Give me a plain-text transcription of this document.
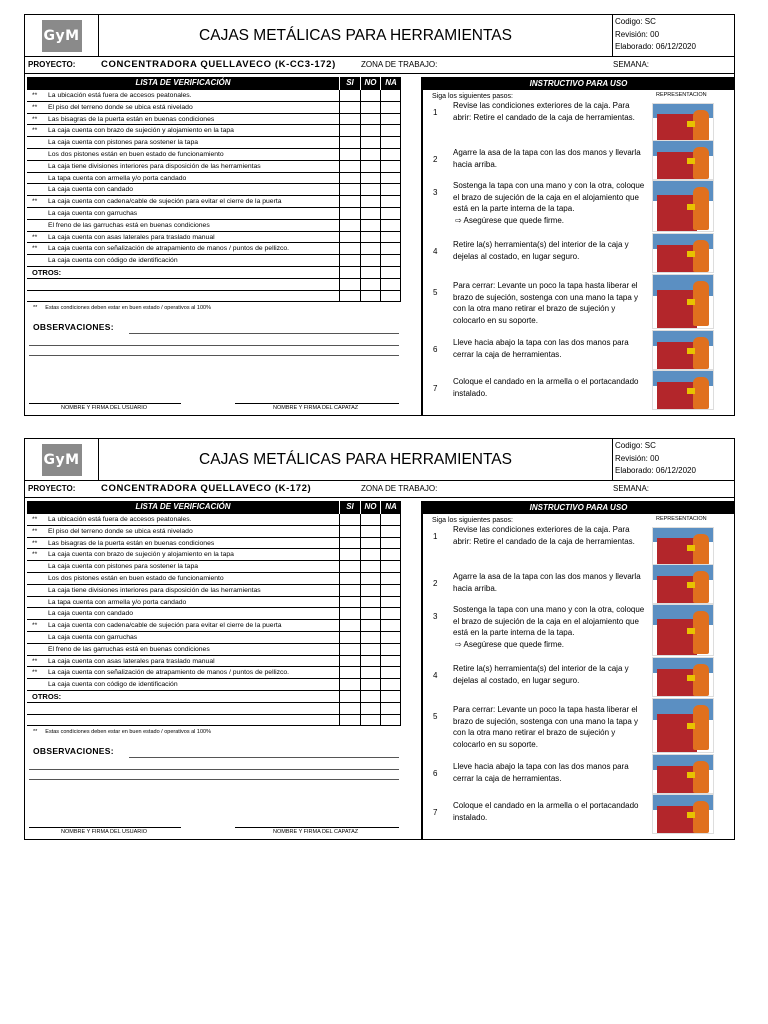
GyM	CAJAS METÁLICAS PARA HERRAMIENTAS
Codigo: SC
Revisión: 00
Elaborado: 06/12/2020
PROYECTO:	CONCENTRADORA QUELLAVECO (K-CC3-172)	ZONA DE TRABAJO:	SEMANA:
LISTA DE VERIFICACIÓN	SI	NO	NA
** La ubicación está fuera de accesos peatonales.
** El piso del terreno donde se ubica está nivelado
** Las bisagras de la puerta están en buenas condiciones
** La caja cuenta con brazo de sujeción y alojamiento en la tapa
La caja cuenta con pistones para sostener la tapa
Los dos pistones están en buen estado de funcionamiento
La caja tiene divisiones interiores para disposición de las herramientas
La tapa cuenta con armella y/o porta candado
La caja cuenta con candado
** La caja cuenta con cadena/cable de sujeción para evitar el cierre de la puerta
La caja cuenta con garruchas
El freno de las garruchas está en buenas condiciones
** La caja cuenta con asas laterales para traslado manual
** La caja cuenta con señalización de atrapamiento de manos / puntos de pellizco.
La caja cuenta con código de identificación
OTROS:
** Estas condiciones deben estar en buen estado / operativos al 100%
OBSERVACIONES:
NOMBRE Y FIRMA DEL USUARIO	NOMBRE Y FIRMA DEL CAPATAZ
INSTRUCTIVO PARA USO
Siga los siguientes pasos:	REPRESENTACION
1
Revise las condiciones exteriores de la caja. Para abrir: Retire el candado de la caja de herramientas.
2
Agarre la asa de la tapa con las dos manos y llevarla hacia arriba.
3
Sostenga la tapa con una mano y con la otra, coloque el brazo de sujeción de la caja en el alojamiento que está en la parte interna de la tapa.
⇨ Asegúrese que quede firme.
4
Retire la(s) herramienta(s) del interior de la caja y dejelas al costado, en lugar seguro.
5
Para cerrar: Levante un poco la tapa hasta liberar el brazo de sujeción, sostenga con una mano la tapa y con la otra mano retirar el brazo de sujeción y colocarlo en su soporte.
6
Lleve hacia abajo la tapa con las dos manos para cerrar la caja de herramientas.
7
Coloque el candado en la armella o el portacandado instalado.
GyM	CAJAS METÁLICAS PARA HERRAMIENTAS
Codigo: SC
Revisión: 00
Elaborado: 06/12/2020
PROYECTO:	CONCENTRADORA QUELLAVECO (K-172)	ZONA DE TRABAJO:	SEMANA:
LISTA DE VERIFICACIÓN	SI	NO	NA
** La ubicación está fuera de accesos peatonales.
** El piso del terreno donde se ubica está nivelado
** Las bisagras de la puerta están en buenas condiciones
** La caja cuenta con brazo de sujeción y alojamiento en la tapa
La caja cuenta con pistones para sostener la tapa
Los dos pistones están en buen estado de funcionamiento
La caja tiene divisiones interiores para disposición de las herramientas
La tapa cuenta con armella y/o porta candado
La caja cuenta con candado
** La caja cuenta con cadena/cable de sujeción para evitar el cierre de la puerta
La caja cuenta con garruchas
El freno de las garruchas está en buenas condiciones
** La caja cuenta con asas laterales para traslado manual
** La caja cuenta con señalización de atrapamiento de manos / puntos de pellizco.
La caja cuenta con código de identificación
OTROS:
** Estas condiciones deben estar en buen estado / operativos al 100%
OBSERVACIONES:
NOMBRE Y FIRMA DEL USUARIO	NOMBRE Y FIRMA DEL CAPATAZ
INSTRUCTIVO PARA USO
Siga los siguientes pasos:	REPRESENTACION
1
Revise las condiciones exteriores de la caja. Para abrir: Retire el candado de la caja de herramientas.
2
Agarre la asa de la tapa con las dos manos y llevarla hacia arriba.
3
Sostenga la tapa con una mano y con la otra, coloque el brazo de sujeción de la caja en el alojamiento que está en la parte interna de la tapa.
⇨ Asegúrese que quede firme.
4
Retire la(s) herramienta(s) del interior de la caja y dejelas al costado, en lugar seguro.
5
Para cerrar: Levante un poco la tapa hasta liberar el brazo de sujeción, sostenga con una mano la tapa y con la otra mano retirar el brazo de sujeción y colocarlo en su soporte.
6
Lleve hacia abajo la tapa con las dos manos para cerrar la caja de herramientas.
7
Coloque el candado en la armella o el portacandado instalado.
